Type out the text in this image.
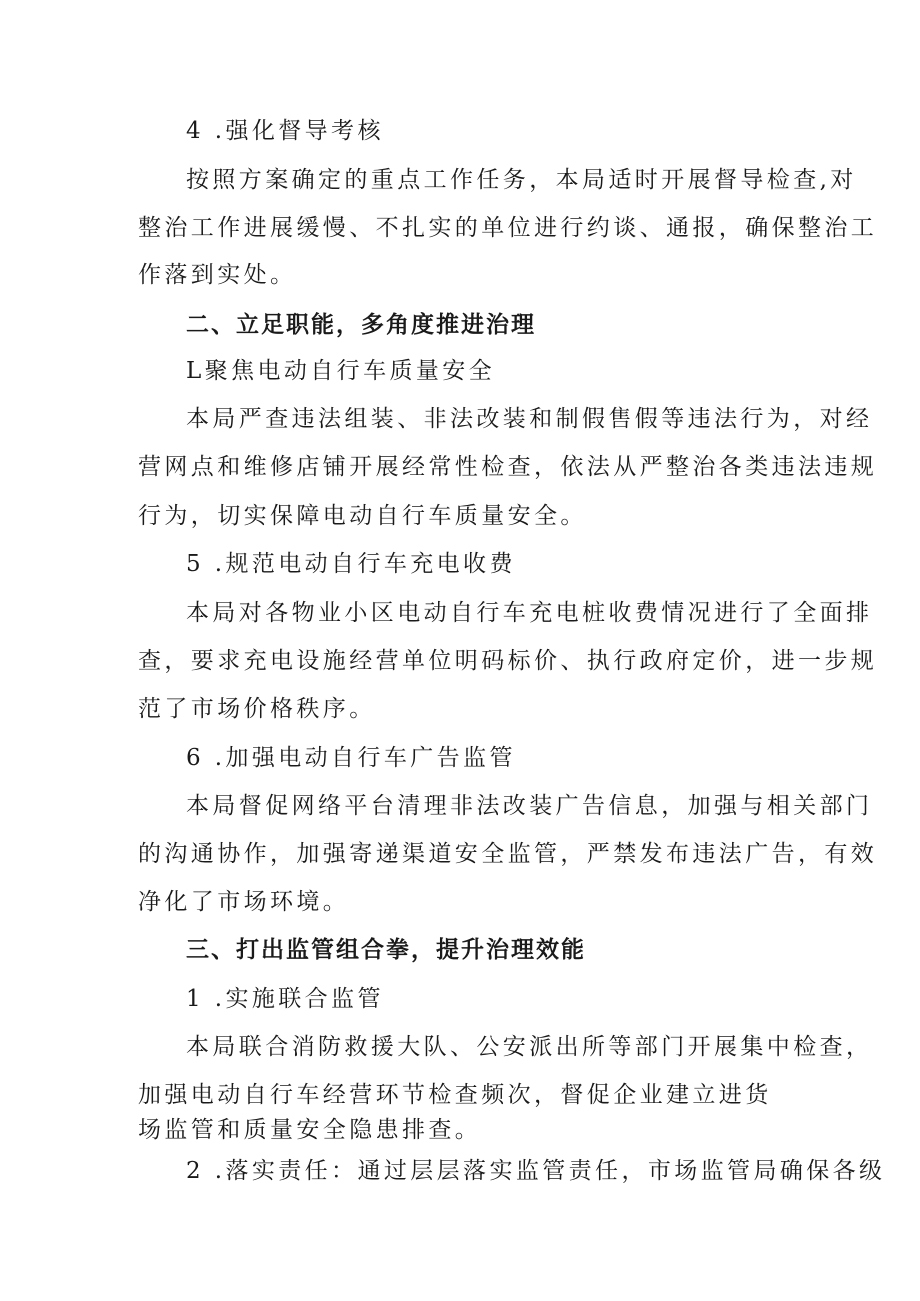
4 .强化督导考核
按照方案确定的重点工作任务，本局适时开展督导检查,对
整治工作进展缓慢、不扎实的单位进行约谈、通报，确保整治工
作落到实处。
二、立足职能，多角度推进治理
L聚焦电动自行车质量安全
本局严查违法组装、非法改装和制假售假等违法行为，对经
营网点和维修店铺开展经常性检查，依法从严整治各类违法违规
行为，切实保障电动自行车质量安全。
5 .规范电动自行车充电收费
本局对各物业小区电动自行车充电桩收费情况进行了全面排
查，要求充电设施经营单位明码标价、执行政府定价，进一步规
范了市场价格秩序。
6 .加强电动自行车广告监管
本局督促网络平台清理非法改装广告信息，加强与相关部门
的沟通协作，加强寄递渠道安全监管，严禁发布违法广告，有效
净化了市场环境。
三、打出监管组合拳，提升治理效能
1 .实施联合监管
本局联合消防救援大队、公安派出所等部门开展集中检查，
加强电动自行车经营环节检查频次，督促企业建立进货
场监管和质量安全隐患排查。
2 .落实责任：通过层层落实监管责任，市场监管局确保各级
